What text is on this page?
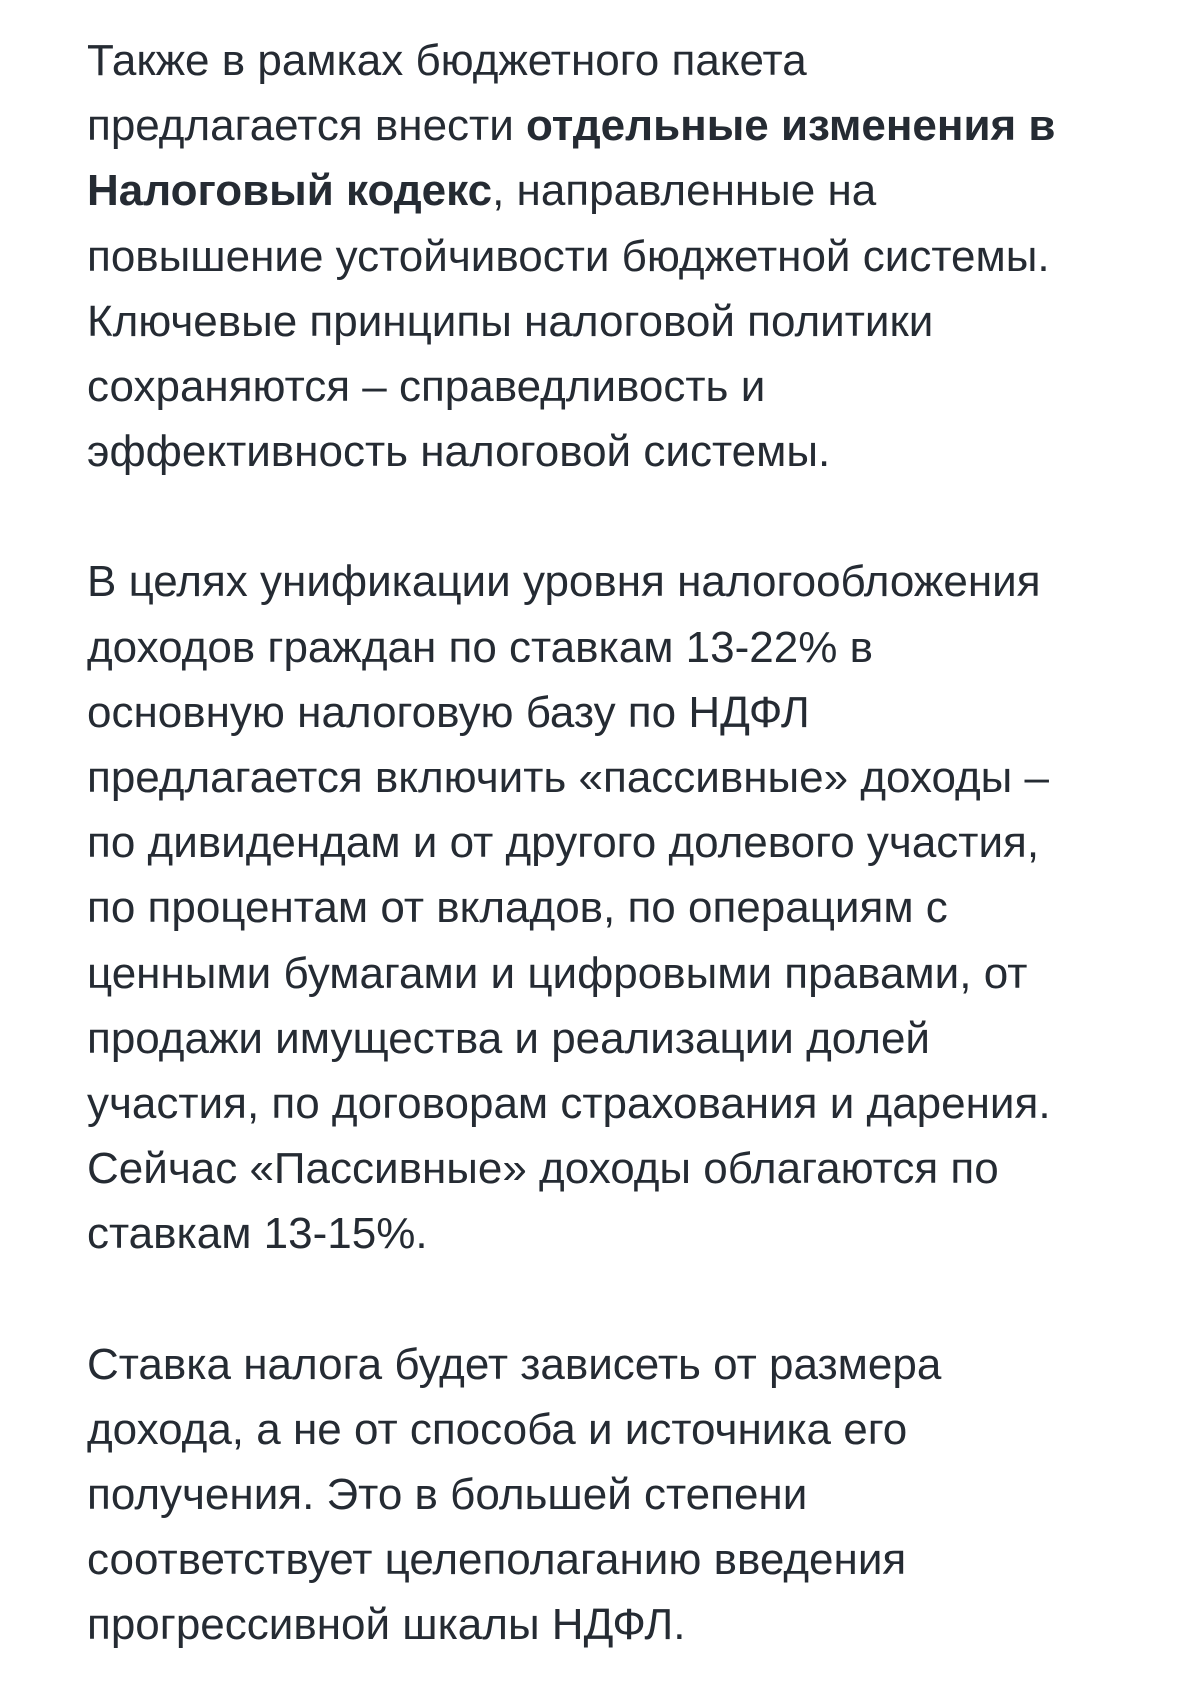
Также в рамках бюджетного пакета
предлагается внести отдельные изменения в
Налоговый кодекс, направленные на
повышение устойчивости бюджетной системы.
Ключевые принципы налоговой политики
сохраняются – справедливость и
эффективность налоговой системы.

В целях унификации уровня налогообложения
доходов граждан по ставкам 13-22% в
основную налоговую базу по НДФЛ
предлагается включить «пассивные» доходы –
по дивидендам и от другого долевого участия,
по процентам от вкладов, по операциям с
ценными бумагами и цифровыми правами, от
продажи имущества и реализации долей
участия, по договорам страхования и дарения.
Сейчас «Пассивные» доходы облагаются по
ставкам 13-15%.

Ставка налога будет зависеть от размера
дохода, а не от способа и источника его
получения. Это в большей степени
соответствует целеполаганию введения
прогрессивной шкалы НДФЛ.
